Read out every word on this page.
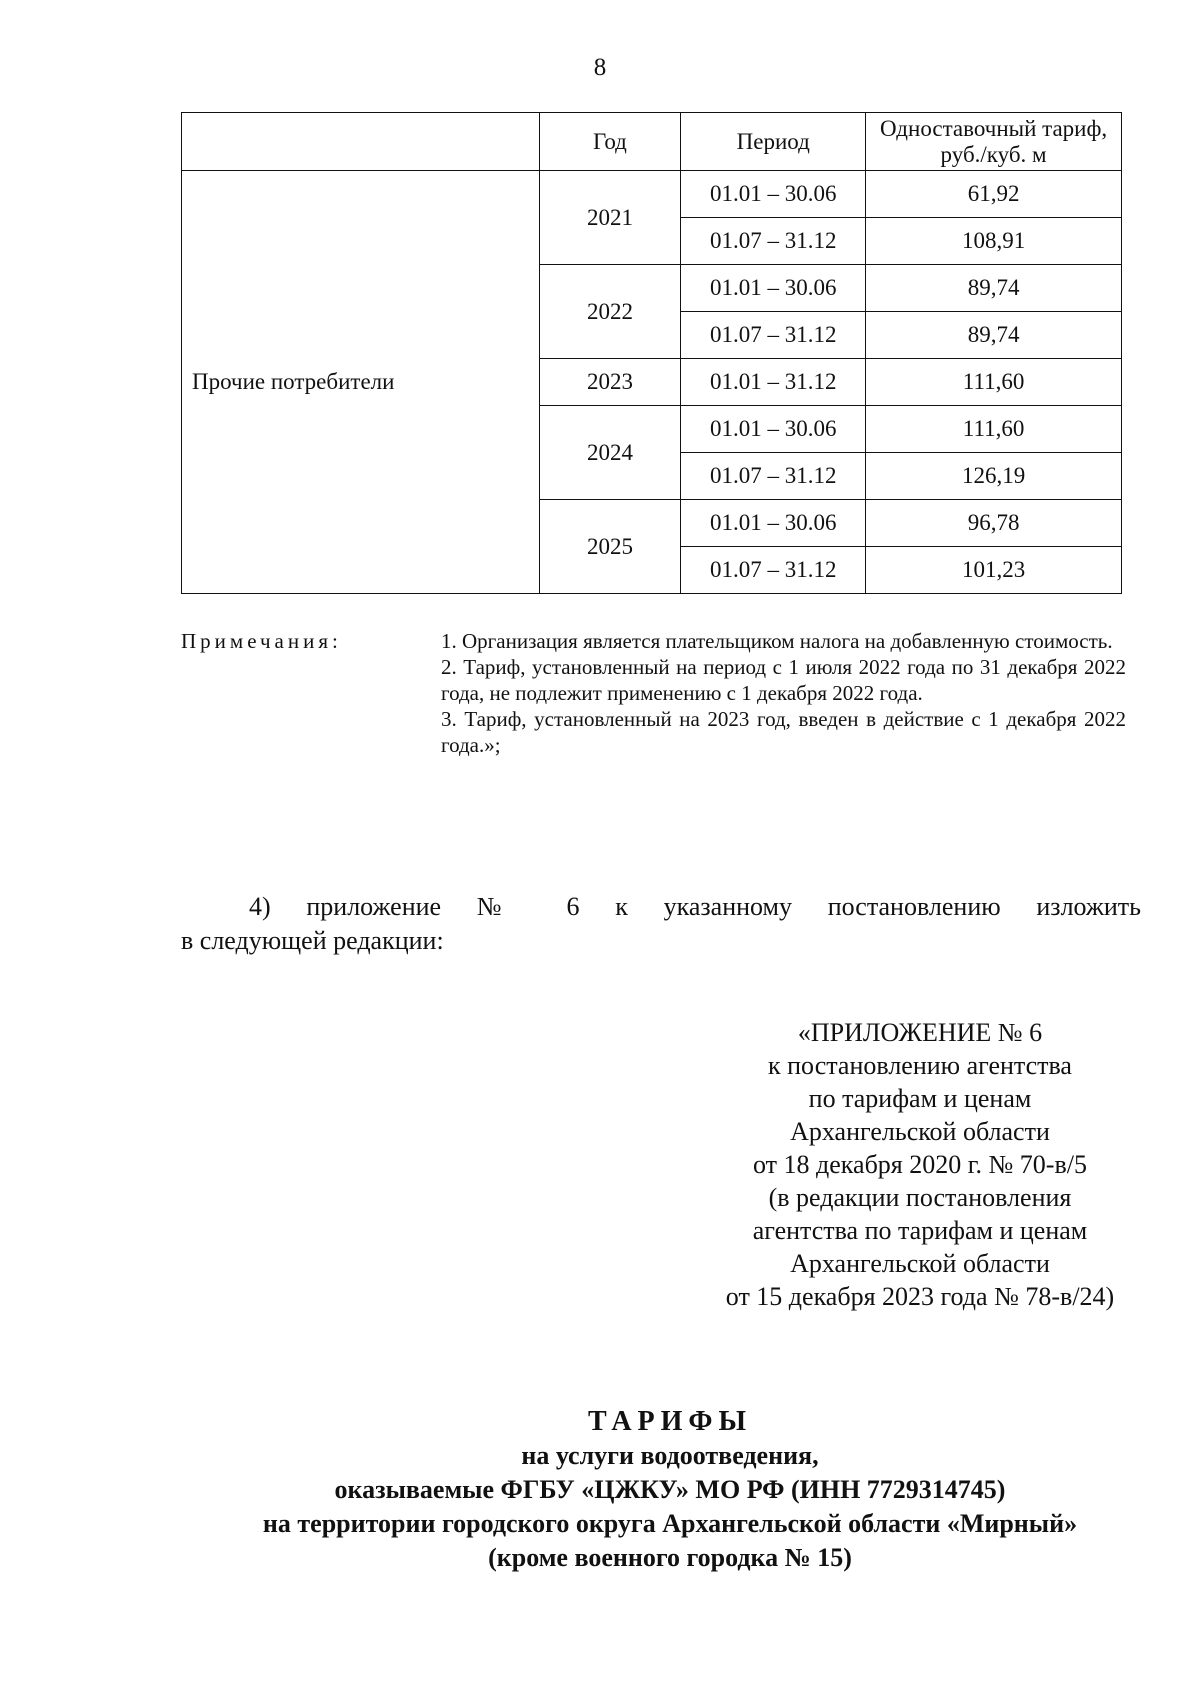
8
	Год	Период	Одноставочный тариф, руб./куб. м
Прочие потребители	2021	01.01 – 30.06	61,92
		01.07 – 31.12	108,91
	2022	01.01 – 30.06	89,74
		01.07 – 31.12	89,74
	2023	01.01 – 31.12	111,60
	2024	01.01 – 30.06	111,60
		01.07 – 31.12	126,19
	2025	01.01 – 30.06	96,78
		01.07 – 31.12	101,23
Примечания:	1. Организация является плательщиком налога на добавленную стоимость.

2. Тариф, установленный на период с 1 июля 2022 года по 31 декабря 2022 года, не подлежит применению с 1 декабря 2022 года.

3. Тариф, установленный на 2023 год, введен в действие с 1 декабря 2022 года.»;

4) приложение № 6 к указанному постановлению изложить

в следующей редакции:

«ПРИЛОЖЕНИЕ № 6
к постановлению агентства
по тарифам и ценам
Архангельской области
от 18 декабря 2020 г. № 70-в/5
(в редакции постановления
агентства по тарифам и ценам
Архангельской области
от 15 декабря 2023 года № 78-в/24)
ТАРИФЫ
на услуги водоотведения,
оказываемые ФГБУ «ЦЖКУ» МО РФ (ИНН 7729314745)
на территории городского округа Архангельской области «Мирный»
(кроме военного городка № 15)
